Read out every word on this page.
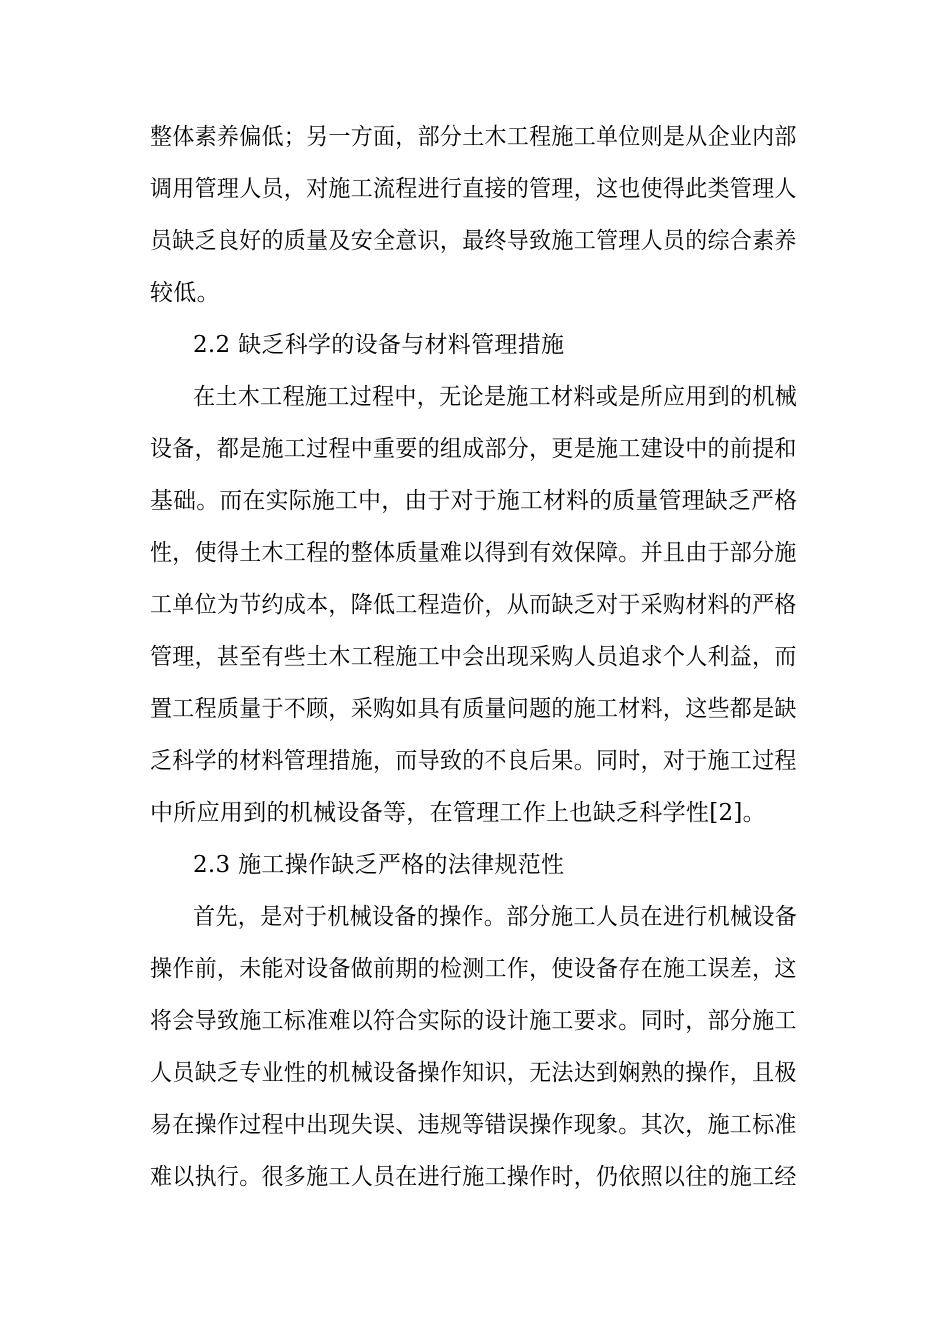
整体素养偏低；另一方面，部分土木工程施工单位则是从企业内部
调用管理人员，对施工流程进行直接的管理，这也使得此类管理人
员缺乏良好的质量及安全意识，最终导致施工管理人员的综合素养
较低。
2.2 缺乏科学的设备与材料管理措施
在土木工程施工过程中，无论是施工材料或是所应用到的机械
设备，都是施工过程中重要的组成部分，更是施工建设中的前提和
基础。而在实际施工中，由于对于施工材料的质量管理缺乏严格
性，使得土木工程的整体质量难以得到有效保障。并且由于部分施
工单位为节约成本，降低工程造价，从而缺乏对于采购材料的严格
管理，甚至有些土木工程施工中会出现采购人员追求个人利益，而
置工程质量于不顾，采购如具有质量问题的施工材料，这些都是缺
乏科学的材料管理措施，而导致的不良后果。同时，对于施工过程
中所应用到的机械设备等，在管理工作上也缺乏科学性[2]。
2.3 施工操作缺乏严格的法律规范性
首先，是对于机械设备的操作。部分施工人员在进行机械设备
操作前，未能对设备做前期的检测工作，使设备存在施工误差，这
将会导致施工标准难以符合实际的设计施工要求。同时，部分施工
人员缺乏专业性的机械设备操作知识，无法达到娴熟的操作，且极
易在操作过程中出现失误、违规等错误操作现象。其次，施工标准
难以执行。很多施工人员在进行施工操作时，仍依照以往的施工经
